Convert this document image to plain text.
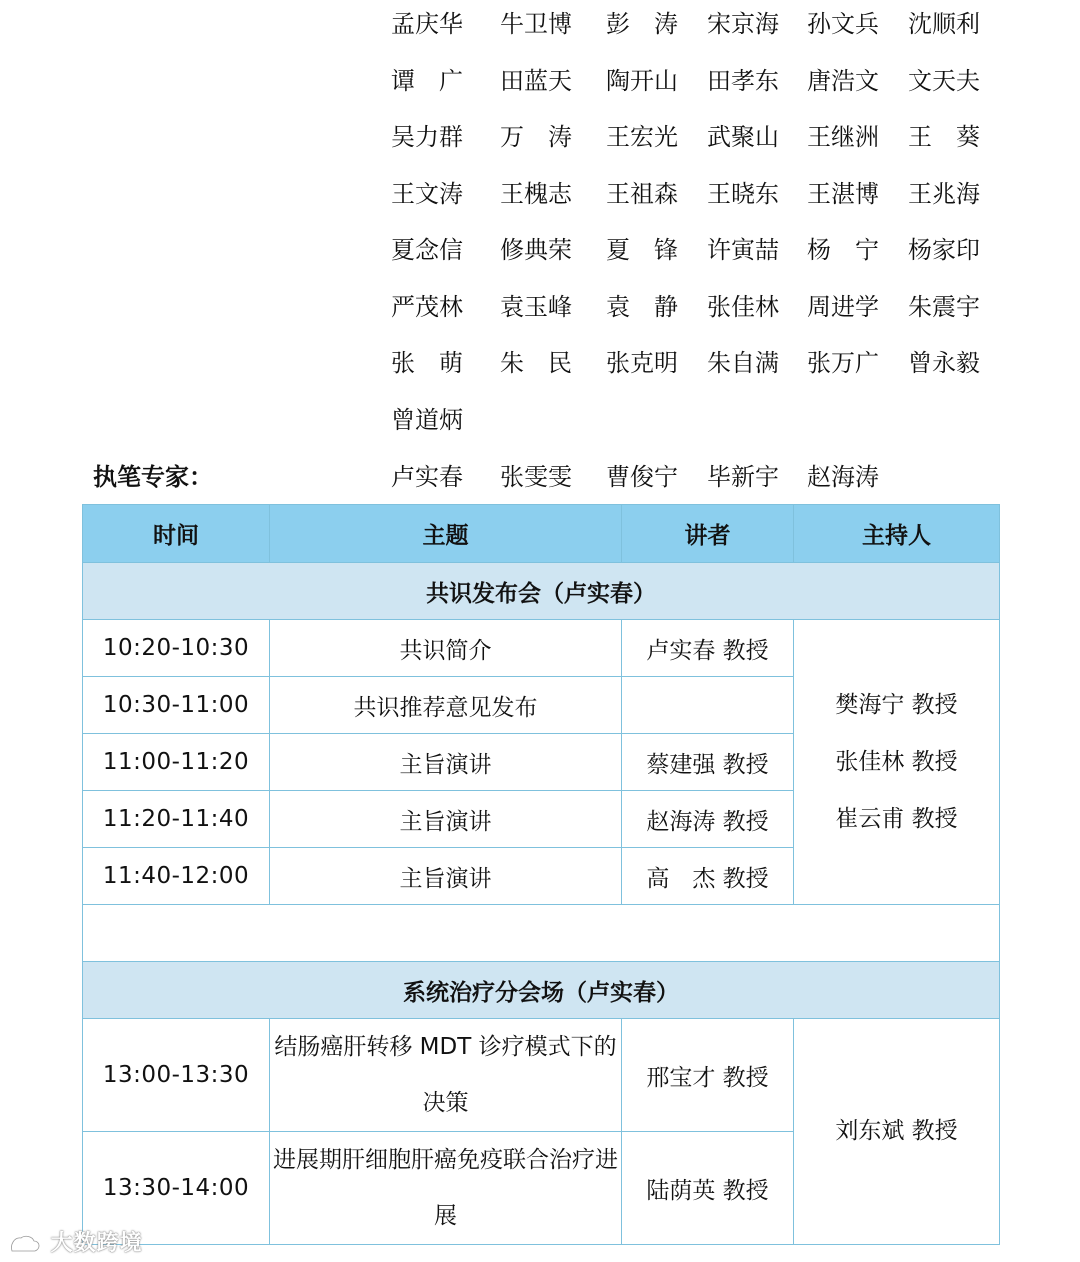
孟庆华 牛卫博 彭　涛 宋京海 孙文兵 沈顺利
谭　广 田蓝天 陶开山 田孝东 唐浩文 文天夫
吴力群 万　涛 王宏光 武聚山 王继洲 王　葵
王文涛 王槐志 王祖森 王晓东 王湛博 王兆海
夏念信 修典荣 夏　锋 许寅喆 杨　宁 杨家印
严茂林 袁玉峰 袁　静 张佳林 周进学 朱震宇
张　萌 朱　民 张克明 朱自满 张万广 曾永毅
曾道炳
执笔专家：	卢实春 张雯雯 曹俊宁 毕新宇 赵海涛
时间	主题	讲者	主持人
共识发布会（卢实春）			
10:20-10:30	共识简介	卢实春 教授	樊海宁 教授
张佳林 教授
崔云甫 教授

10:30-11:00	共识推荐意见发布		
11:00-11:20	主旨演讲	蔡建强 教授	
11:20-11:40	主旨演讲	赵海涛 教授	
11:40-12:00	主旨演讲	高　杰 教授	

系统治疗分会场（卢实春）			
13:00-13:30	结肠癌肝转移 MDT 诊疗模式下的决策	邢宝才 教授	刘东斌 教授

13:30-14:00	进展期肝细胞肝癌免疫联合治疗进展	陆荫英 教授	
大数跨境
